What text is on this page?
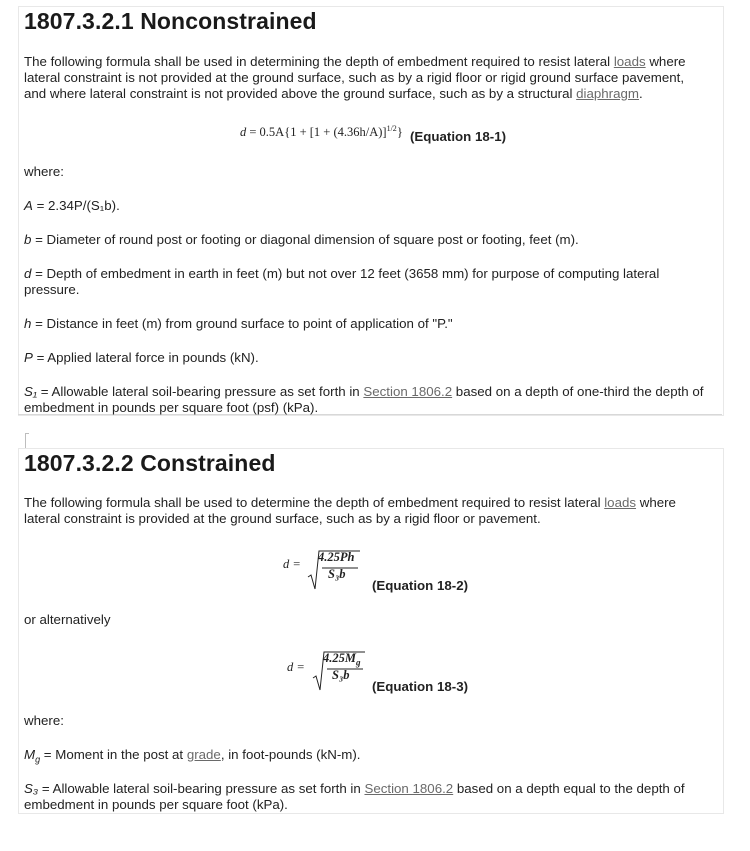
1807.3.2.1 Nonconstrained

The following formula shall be used in determining the depth of embedment required to resist lateral loads where
lateral constraint is not provided at the ground surface, such as by a rigid floor or rigid ground surface pavement,
and where lateral constraint is not provided above the ground surface, such as by a structural diaphragm.

$d = 0.5A\{1 + [1 + (4.36h/A)]^{1/2}\}$ (Equation 18-1)

where:

A = 2.34P/(S₁b).

b = Diameter of round post or footing or diagonal dimension of square post or footing, feet (m).

d = Depth of embedment in earth in feet (m) but not over 12 feet (3658 mm) for purpose of computing lateral
pressure.

h = Distance in feet (m) from ground surface to point of application of "P."

P = Applied lateral force in pounds (kN).

S₁ = Allowable lateral soil-bearing pressure as set forth in Section 1806.2 based on a depth of one-third the depth of
embedment in pounds per square foot (psf) (kPa).

1807.3.2.2 Constrained

The following formula shall be used to determine the depth of embedment required to resist lateral loads where
lateral constraint is provided at the ground surface, such as by a rigid floor or pavement.

d = 4.25Ph
S₃b
(Equation 18-2)

or alternatively

d =
$4.25M_g$
S₃b
(Equation 18-3)

where:

$M_g$ = Moment in the post at grade, in foot-pounds (kN-m).

S₃ = Allowable lateral soil-bearing pressure as set forth in Section 1806.2 based on a depth equal to the depth of
embedment in pounds per square foot (kPa).
